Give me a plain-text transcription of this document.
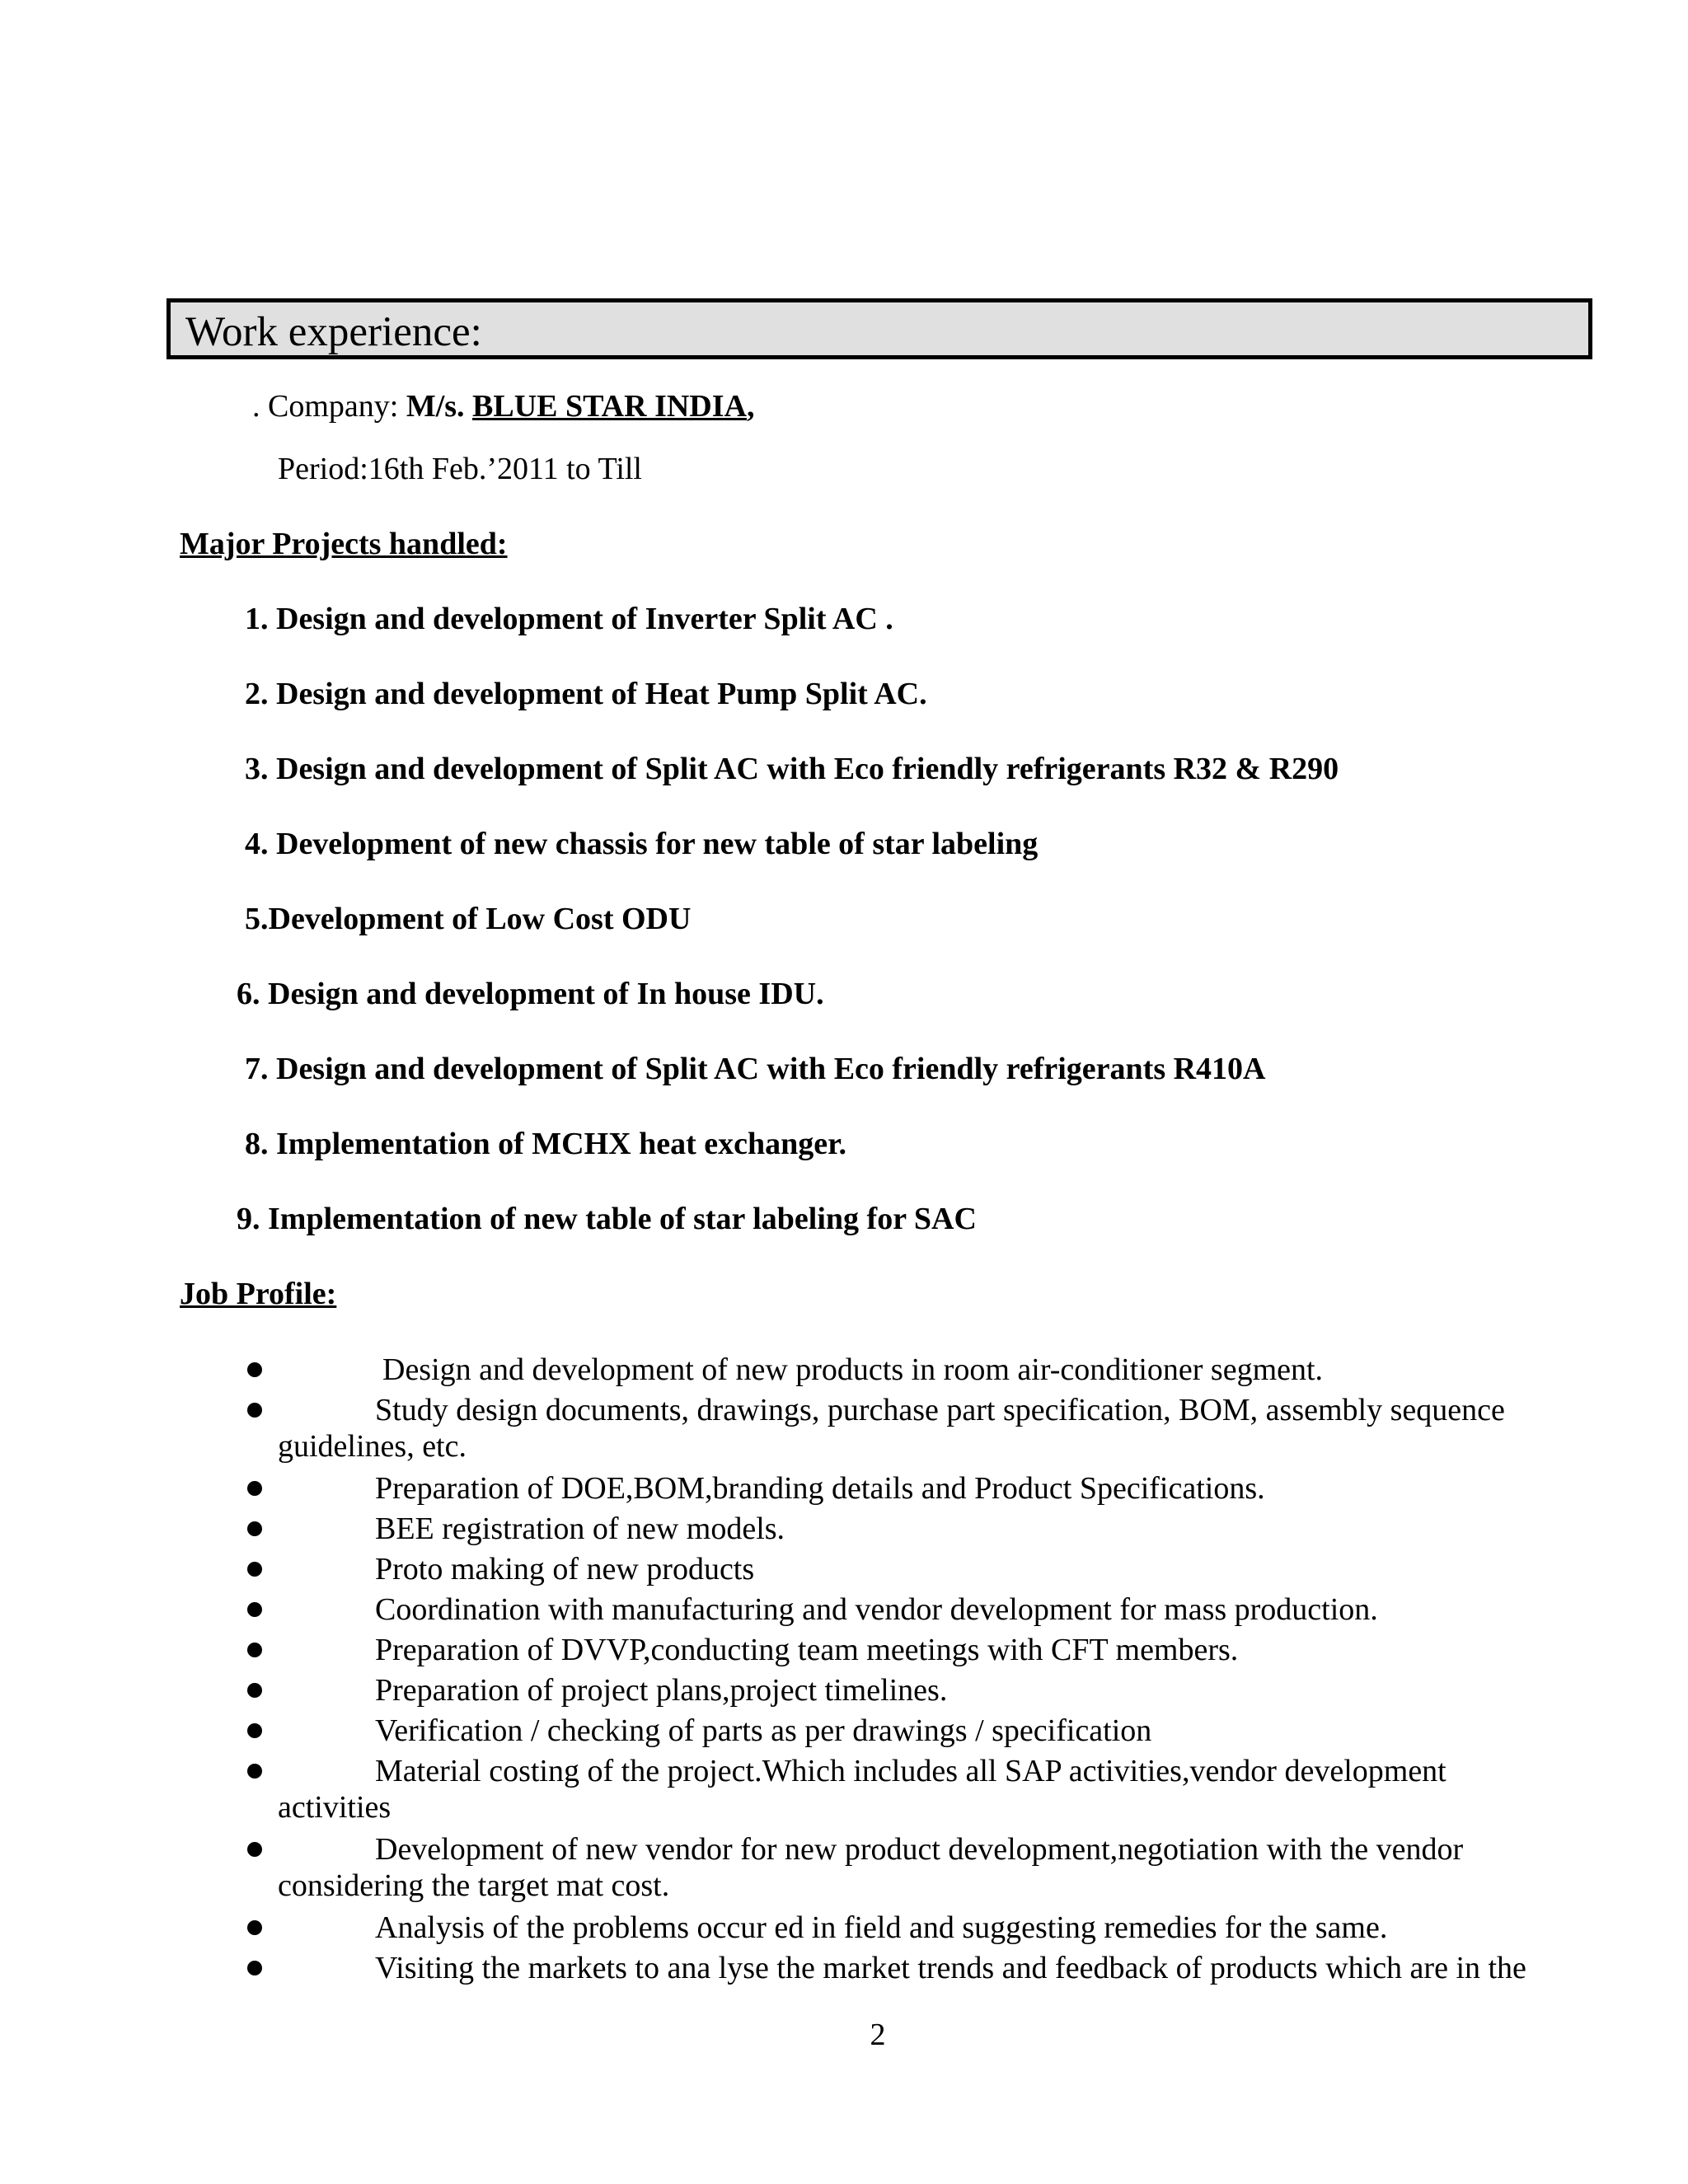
Work experience:
. Company: M/s. BLUE STAR INDIA,
Period:16th Feb.’2011 to Till
Major Projects handled:
1. Design and development of Inverter Split AC .
2. Design and development of Heat Pump Split AC.
3. Design and development of Split AC with Eco friendly refrigerants R32 & R290
4. Development of new chassis for new table of star labeling
5.Development of Low Cost ODU
6. Design and development of In house IDU.
7. Design and development of Split AC with Eco friendly refrigerants R410A
8. Implementation of MCHX heat exchanger.
9. Implementation of new table of star labeling for SAC
Job Profile:
Design and development of new products in room air-conditioner segment.
Study design documents, drawings, purchase part specification, BOM, assembly sequence
guidelines, etc.
Preparation of DOE,BOM,branding details and Product Specifications.
BEE registration of new models.
Proto making of new products
Coordination with manufacturing and vendor development for mass production.
Preparation of DVVP,conducting team meetings with CFT members.
Preparation of project plans,project timelines.
Verification / checking of parts as per drawings / specification
Material costing of the project.Which includes all SAP activities,vendor development
activities
Development of new vendor for new product development,negotiation with the vendor
considering the target mat cost.
Analysis of the problems occur ed in field and suggesting remedies for the same.
Visiting the markets to ana lyse the market trends and feedback of products which are in the
2
